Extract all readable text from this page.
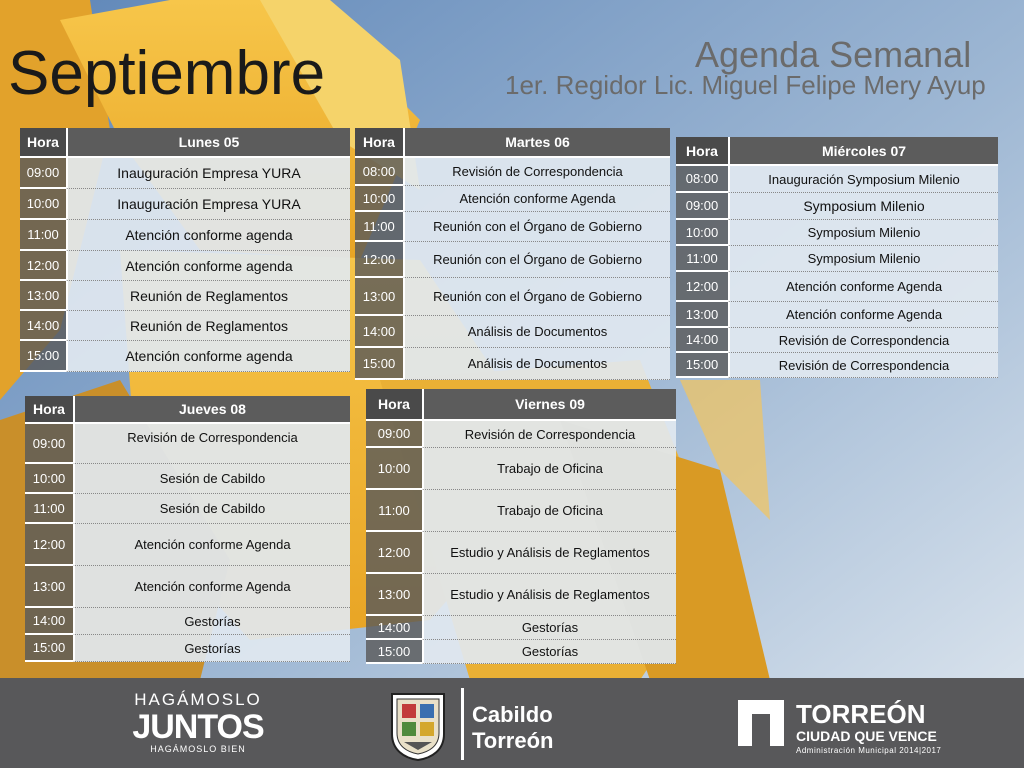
Septiembre	Agenda Semanal
1er. Regidor Lic. Miguel Felipe Mery Ayup
Hora	Lunes 05
09:00	Inauguración Empresa YURA
10:00	Inauguración Empresa YURA
11:00	Atención conforme agenda
12:00	Atención conforme agenda
13:00	Reunión de Reglamentos
14:00	Reunión de Reglamentos
15:00	Atención conforme agenda
Hora	Martes 06
08:00	Revisión de Correspondencia
10:00	Atención conforme Agenda
11:00	Reunión con el Órgano de Gobierno
12:00	Reunión con el Órgano de Gobierno
13:00	Reunión con el Órgano de Gobierno
14:00	Análisis de Documentos
15:00	Análisis de Documentos
Hora	Miércoles 07
08:00	Inauguración Symposium Milenio
09:00	Symposium Milenio
10:00	Symposium Milenio
11:00	Symposium Milenio
12:00	Atención conforme Agenda
13:00	Atención conforme Agenda
14:00	Revisión de Correspondencia
15:00	Revisión de Correspondencia
Hora	Jueves 08
09:00	Revisión de Correspondencia
10:00	Sesión de Cabildo
11:00	Sesión de Cabildo
12:00	Atención conforme Agenda
13:00	Atención conforme Agenda
14:00	Gestorías
15:00	Gestorías
Hora	Viernes 09
09:00	Revisión de Correspondencia
10:00	Trabajo de Oficina
11:00	Trabajo de Oficina
12:00	Estudio y Análisis de Reglamentos
13:00	Estudio y Análisis de Reglamentos
14:00	Gestorías
15:00	Gestorías
HAGÁMOSLO
JUNTOS
HAGÁMOSLO BIEN
Cabildo
Torreón
TORREÓN
CIUDAD QUE VENCE
Administración Municipal 2014|2017
